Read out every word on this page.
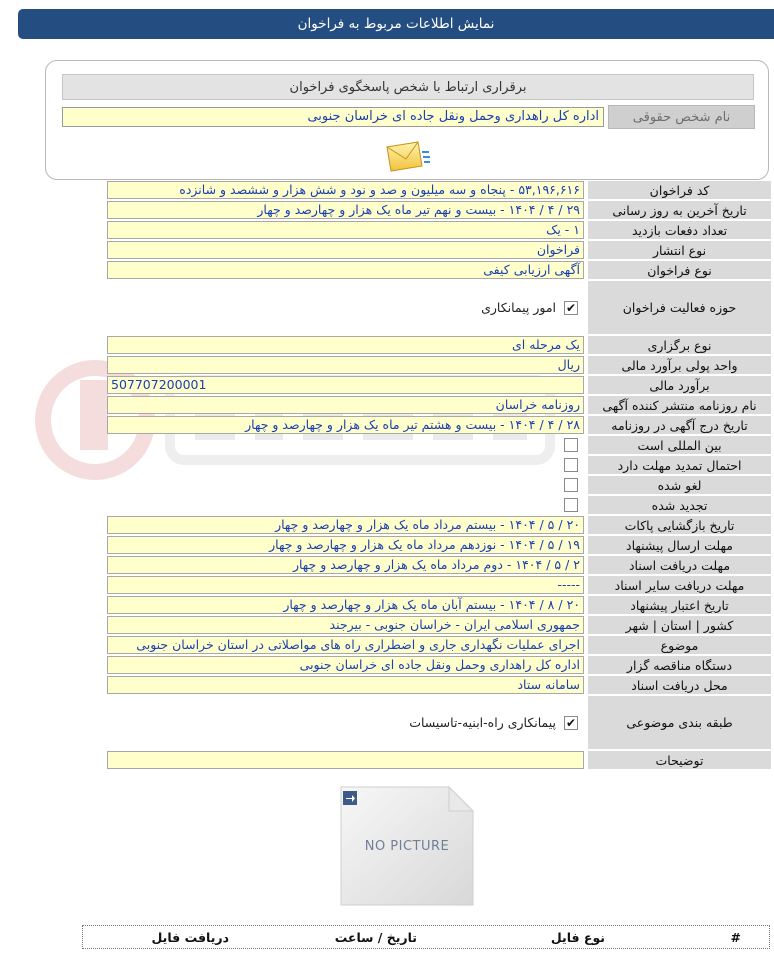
نمایش اطلاعات مربوط به فراخوان
برقراری ارتباط با شخص پاسخگوی فراخوان
نام شخص حقوقی
اداره کل راهداری وحمل ونقل جاده ای خراسان جنوبی
کد فراخوان
۵۳,۱۹۶,۶۱۶ - پنجاه و سه میلیون و صد و نود و شش هزار و ششصد و شانزده
تاریخ آخرین به روز رسانی
۲۹ / ۴ / ۱۴۰۴ - بیست و نهم تیر ماه یک هزار و چهارصد و چهار
تعداد دفعات بازدید
۱ - یک
نوع انتشار
فراخوان
نوع فراخوان
آگهی ارزیابی کیفی
حوزه فعالیت فراخوان
✔
امور پیمانکاری
نوع برگزاری
یک مرحله ای
واحد پولی برآورد مالی
ریال
برآورد مالی
507707200001
نام روزنامه منتشر کننده آگهی
روزنامه خراسان
تاریخ درج آگهی در روزنامه
۲۸ / ۴ / ۱۴۰۴ - بیست و هشتم تیر ماه یک هزار و چهارصد و چهار
بین المللی است
احتمال تمدید مهلت دارد
لغو شده
تجدید شده
تاریخ بازگشایی پاکات
۲۰ / ۵ / ۱۴۰۴ - بیستم مرداد ماه یک هزار و چهارصد و چهار
مهلت ارسال پیشنهاد
۱۹ / ۵ / ۱۴۰۴ - نوزدهم مرداد ماه یک هزار و چهارصد و چهار
مهلت دریافت اسناد
۲ / ۵ / ۱۴۰۴ - دوم مرداد ماه یک هزار و چهارصد و چهار
مهلت دریافت سایر اسناد
-----
تاریخ اعتبار پیشنهاد
۲۰ / ۸ / ۱۴۰۴ - بیستم آبان ماه یک هزار و چهارصد و چهار
کشور | استان | شهر
جمهوری اسلامی ایران - خراسان جنوبی - بیرجند
موضوع
اجرای عملیات نگهداری جاری و اضطراری راه های مواصلاتی در استان خراسان جنوبی
دستگاه مناقصه گزار
اداره کل راهداری وحمل ونقل جاده ای خراسان جنوبی
محل دریافت اسناد
سامانه ستاد
طبقه بندی موضوعی
✔
پیمانکاری راه-ابنیه-تاسیسات
توضیحات
NO PICTURE
#
نوع فایل
تاریخ / ساعت
دریافت فایل
